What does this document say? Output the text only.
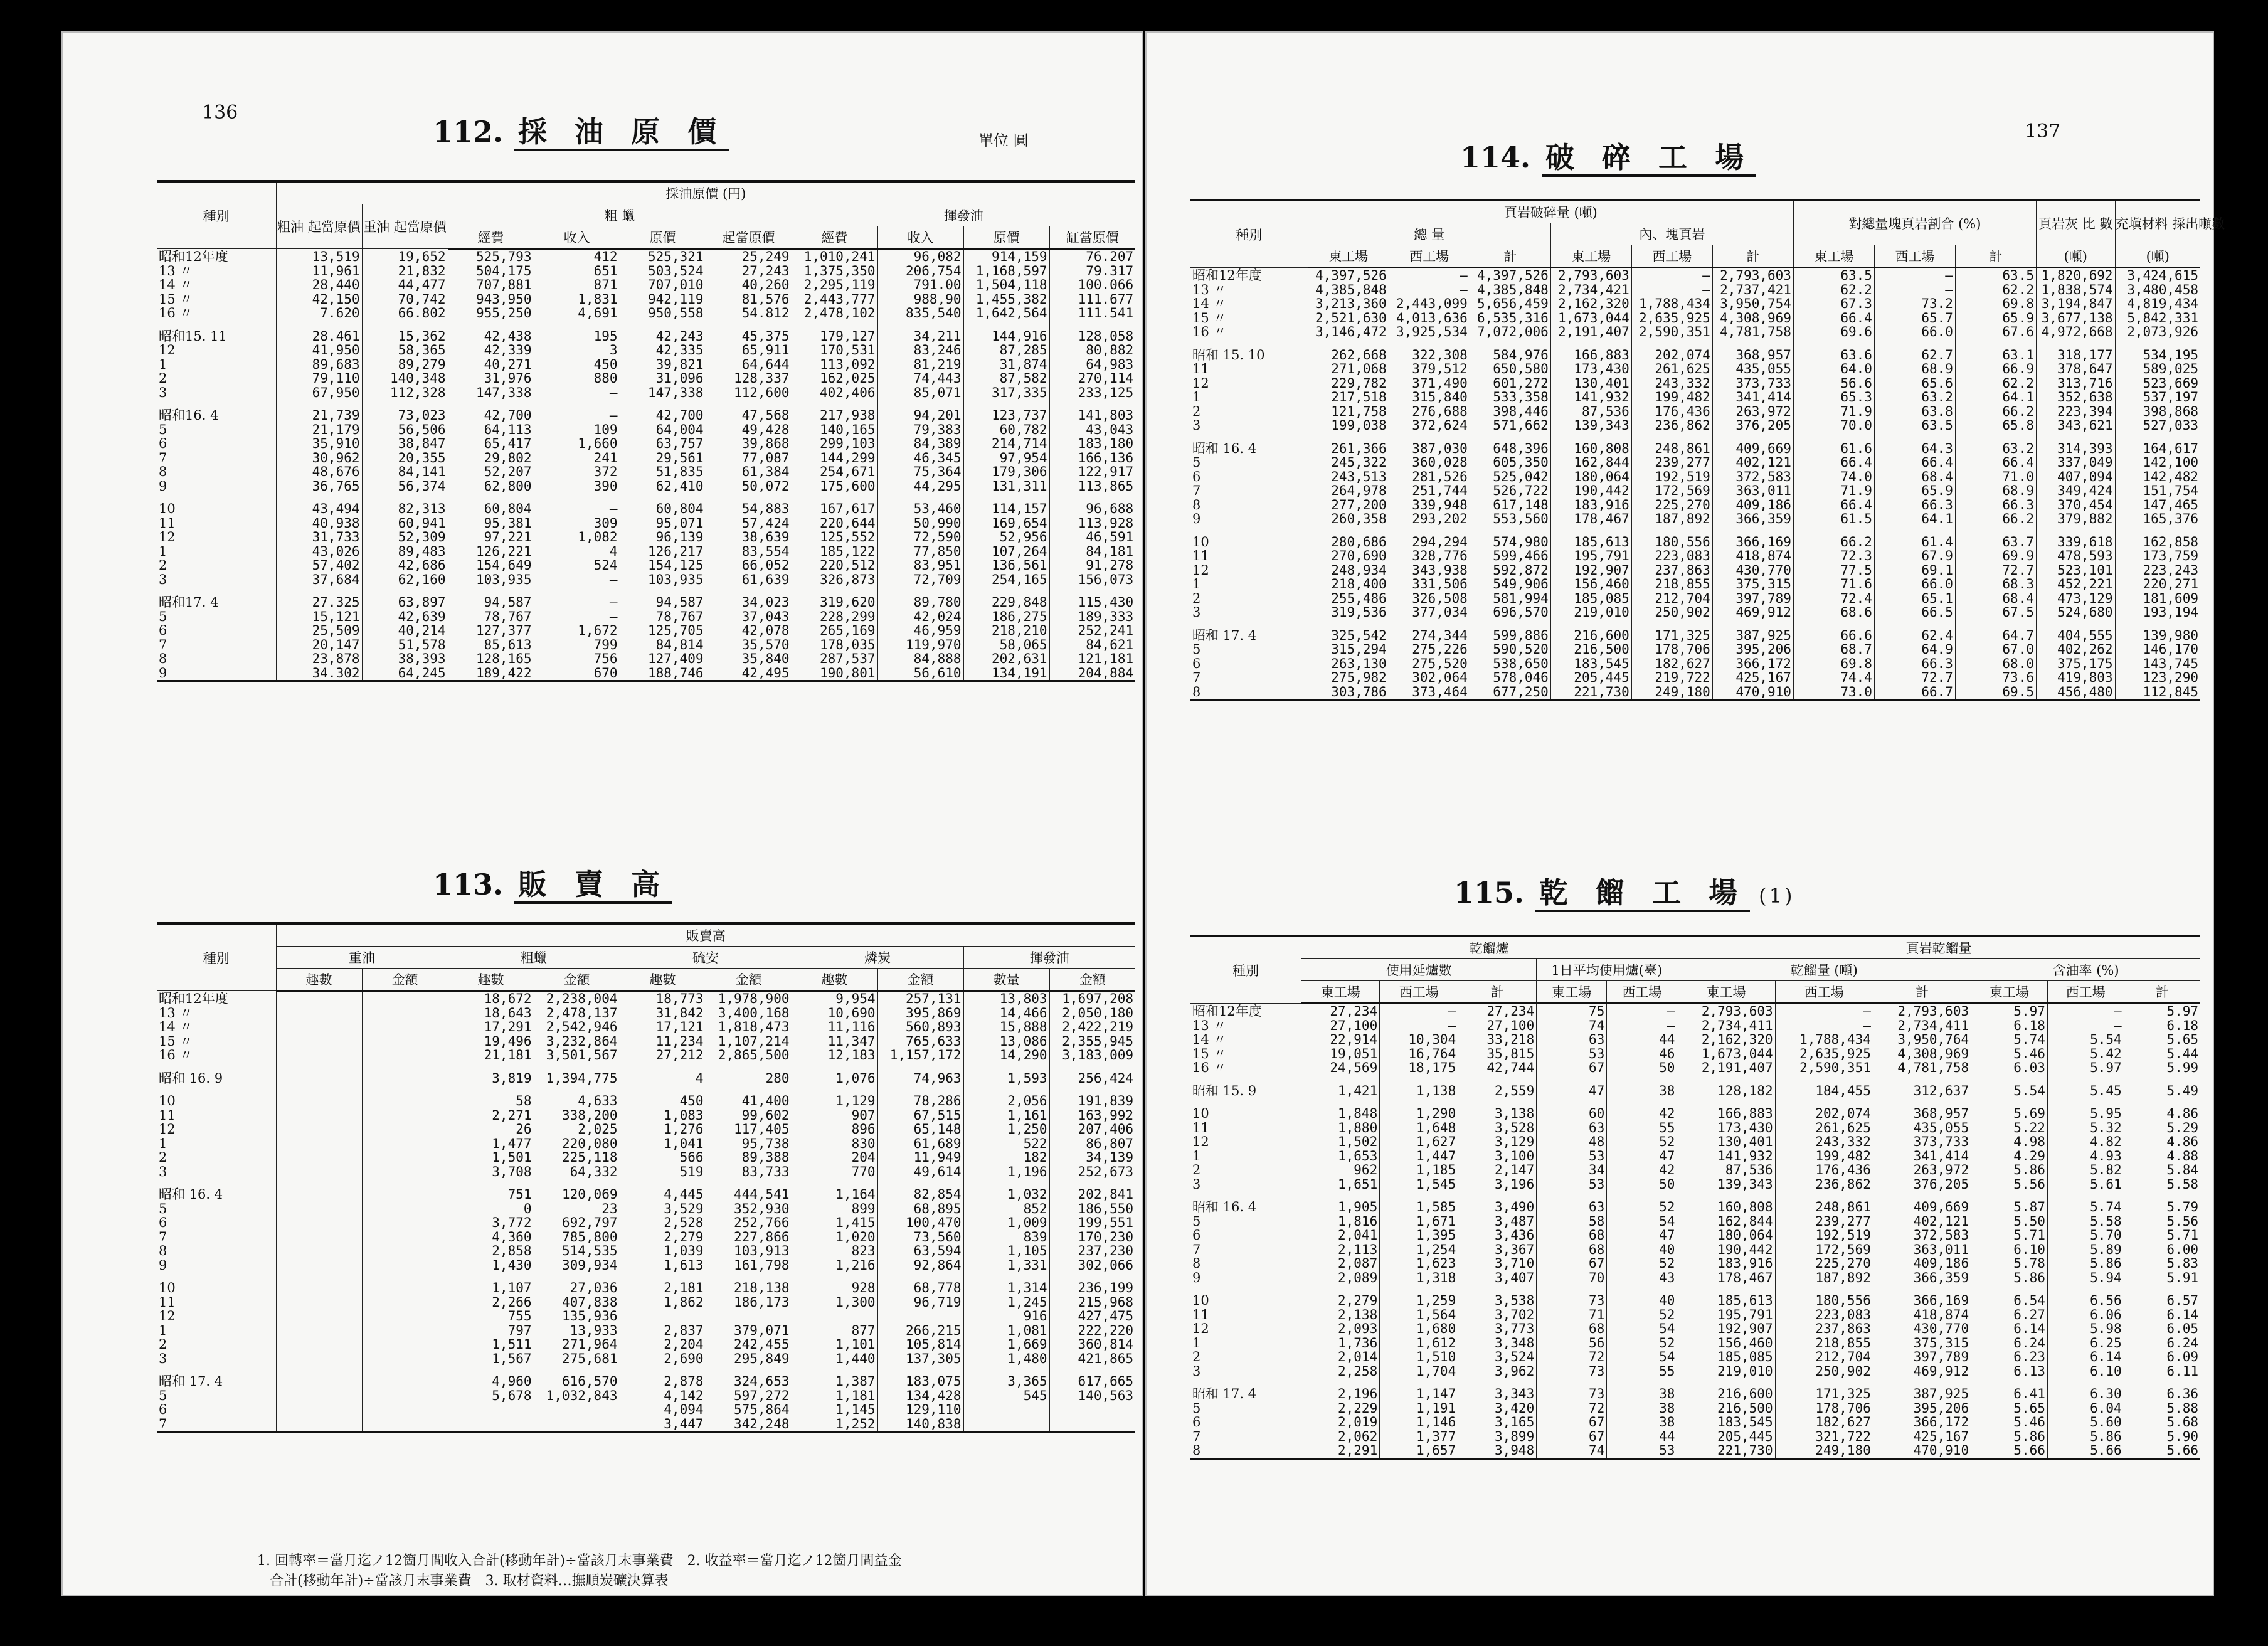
136
112. 採 油 原 價	單位 圓
種別	採油原價 (円)									
	粗油 起當原價	重油 起當原價	粗 蠟				揮發油			
			經費	收入	原價	起當原價	經費	收入	原價	缸當原價
昭和12年度	13,519	19,652	525,793	412	525,321	25,249	1,010,241	96,082	914,159	76.207
13 〃	11,961	21,832	504,175	651	503,524	27,243	1,375,350	206,754	1,168,597	79.317
14 〃	28,440	44,477	707,881	871	707,010	40,260	2,295,119	791.00	1,504,118	100.066
15 〃	42,150	70,742	943,950	1,831	942,119	81,576	2,443,777	988,90	1,455,382	111.677
16 〃	7.620	66.802	955,250	4,691	950,558	54.812	2,478,102	835,540	1,642,564	111.541

昭和15. 11	28.461	15,362	42,438	195	42,243	45,375	179,127	34,211	144,916	128,058
12	41,950	58,365	42,339	3	42,335	65,911	170,531	83,246	87,285	80,882
1	89,683	89,279	40,271	450	39,821	64,644	113,092	81,219	31,874	64,983
2	79,110	140,348	31,976	880	31,096	128,337	162,025	74,443	87,582	270,114
3	67,950	112,328	147,338	—	147,338	112,600	402,406	85,071	317,335	233,125

昭和16. 4	21,739	73,023	42,700	—	42,700	47,568	217,938	94,201	123,737	141,803
5	21,179	56,506	64,113	109	64,004	49,428	140,165	79,383	60,782	43,043
6	35,910	38,847	65,417	1,660	63,757	39,868	299,103	84,389	214,714	183,180
7	30,962	20,355	29,802	241	29,561	77,087	144,299	46,345	97,954	166,136
8	48,676	84,141	52,207	372	51,835	61,384	254,671	75,364	179,306	122,917
9	36,765	56,374	62,800	390	62,410	50,072	175,600	44,295	131,311	113,865

10	43,494	82,313	60,804	—	60,804	54,883	167,617	53,460	114,157	96,688
11	40,938	60,941	95,381	309	95,071	57,424	220,644	50,990	169,654	113,928
12	31,733	52,309	97,221	1,082	96,139	38,639	125,552	72,590	52,956	46,591
1	43,026	89,483	126,221	4	126,217	83,554	185,122	77,850	107,264	84,181
2	57,402	42,686	154,649	524	154,125	66,052	220,512	83,951	136,561	91,278
3	37,684	62,160	103,935	—	103,935	61,639	326,873	72,709	254,165	156,073

昭和17. 4	27.325	63,897	94,587	—	94,587	34,023	319,620	89,780	229,848	115,430
5	15,121	42,639	78,767	—	78,767	37,043	228,299	42,024	186,275	189,333
6	25,509	40,214	127,377	1,672	125,705	42,078	265,169	46,959	218,210	252,241
7	20,147	51,578	85,613	799	84,814	35,570	178,035	119,970	58,065	84,621
8	23,878	38,393	128,165	756	127,409	35,840	287,537	84,888	202,631	121,181
9	34.302	64,245	189,422	670	188,746	42,495	190,801	56,610	134,191	204,884
113. 販 賣 高
種別	販賣高									
	重油		粗蠟		硫安		燐炭		揮發油	
	趣數	金額	趣數	金額	趣數	金額	趣數	金額	數量	金額
昭和12年度			18,672	2,238,004	18,773	1,978,900	9,954	257,131	13,803	1,697,208
13 〃			18,643	2,478,137	31,842	3,400,168	10,690	395,869	14,466	2,050,180
14 〃			17,291	2,542,946	17,121	1,818,473	11,116	560,893	15,888	2,422,219
15 〃			19,496	3,232,864	11,234	1,107,214	11,347	765,633	13,086	2,355,945
16 〃			21,181	3,501,567	27,212	2,865,500	12,183	1,157,172	14,290	3,183,009

昭和 16. 9			3,819	1,394,775	4	280	1,076	74,963	1,593	256,424

10			58	4,633	450	41,400	1,129	78,286	2,056	191,839
11			2,271	338,200	1,083	99,602	907	67,515	1,161	163,992
12			26	2,025	1,276	117,405	896	65,148	1,250	207,406
1			1,477	220,080	1,041	95,738	830	61,689	522	86,807
2			1,501	225,118	566	89,388	204	11,949	182	34,139
3			3,708	64,332	519	83,733	770	49,614	1,196	252,673

昭和 16. 4			751	120,069	4,445	444,541	1,164	82,854	1,032	202,841
5			0	23	3,529	352,930	899	68,895	852	186,550
6			3,772	692,797	2,528	252,766	1,415	100,470	1,009	199,551
7			4,360	785,800	2,279	227,866	1,020	73,560	839	170,230
8			2,858	514,535	1,039	103,913	823	63,594	1,105	237,230
9			1,430	309,934	1,613	161,798	1,216	92,864	1,331	302,066

10			1,107	27,036	2,181	218,138	928	68,778	1,314	236,199
11			2,266	407,838	1,862	186,173	1,300	96,719	1,245	215,968
12			755	135,936					916	427,475
1			797	13,933	2,837	379,071	877	266,215	1,081	222,220
2			1,511	271,964	2,204	242,455	1,101	105,814	1,669	360,814
3			1,567	275,681	2,690	295,849	1,440	137,305	1,480	421,865

昭和 17. 4			4,960	616,570	2,878	324,653	1,387	183,075	3,365	617,665
5			5,678	1,032,843	4,142	597,272	1,181	134,428	545	140,563
6					4,094	575,864	1,145	129,110		
7					3,447	342,248	1,252	140,838		
1. 回轉率＝當月迄ノ12箇月間收入合計(移動年計)÷當該月末事業費　2. 收益率＝當月迄ノ12箇月間益金
合計(移動年計)÷當該月末事業費　3. 取材資料…撫順炭礦決算表
137
114. 破 碎 工 場
種別	頁岩破碎量 (噸)						對總量塊頁岩割合 (%)			頁岩灰 比 數	充塡材料 採出噸數
	總 量			內、塊頁岩							
	東工場	西工場	計	東工場	西工場	計	東工場	西工場	計	(噸)	(噸)
昭和12年度	4,397,526	—	4,397,526	2,793,603	—	2,793,603	63.5	—	63.5	1,820,692	3,424,615
13 〃	4,385,848	—	4,385,848	2,734,421	—	2,737,421	62.2	—	62.2	1,838,574	3,480,458
14 〃	3,213,360	2,443,099	5,656,459	2,162,320	1,788,434	3,950,754	67.3	73.2	69.8	3,194,847	4,819,434
15 〃	2,521,630	4,013,636	6,535,316	1,673,044	2,635,925	4,308,969	66.4	65.7	65.9	3,677,138	5,842,331
16 〃	3,146,472	3,925,534	7,072,006	2,191,407	2,590,351	4,781,758	69.6	66.0	67.6	4,972,668	2,073,926

昭和 15. 10	262,668	322,308	584,976	166,883	202,074	368,957	63.6	62.7	63.1	318,177	534,195
11	271,068	379,512	650,580	173,430	261,625	435,055	64.0	68.9	66.9	378,647	589,025
12	229,782	371,490	601,272	130,401	243,332	373,733	56.6	65.6	62.2	313,716	523,669
1	217,518	315,840	533,358	141,932	199,482	341,414	65.3	63.2	64.1	352,638	537,197
2	121,758	276,688	398,446	87,536	176,436	263,972	71.9	63.8	66.2	223,394	398,868
3	199,038	372,624	571,662	139,343	236,862	376,205	70.0	63.5	65.8	343,621	527,033

昭和 16. 4	261,366	387,030	648,396	160,808	248,861	409,669	61.6	64.3	63.2	314,393	164,617
5	245,322	360,028	605,350	162,844	239,277	402,121	66.4	66.4	66.4	337,049	142,100
6	243,513	281,526	525,042	180,064	192,519	372,583	74.0	68.4	71.0	407,094	142,482
7	264,978	251,744	526,722	190,442	172,569	363,011	71.9	65.9	68.9	349,424	151,754
8	277,200	339,948	617,148	183,916	225,270	409,186	66.4	66.3	66.3	370,454	147,465
9	260,358	293,202	553,560	178,467	187,892	366,359	61.5	64.1	66.2	379,882	165,376

10	280,686	294,294	574,980	185,613	180,556	366,169	66.2	61.4	63.7	339,618	162,858
11	270,690	328,776	599,466	195,791	223,083	418,874	72.3	67.9	69.9	478,593	173,759
12	248,934	343,938	592,872	192,907	237,863	430,770	77.5	69.1	72.7	523,101	223,243
1	218,400	331,506	549,906	156,460	218,855	375,315	71.6	66.0	68.3	452,221	220,271
2	255,486	326,508	581,994	185,085	212,704	397,789	72.4	65.1	68.4	473,129	181,609
3	319,536	377,034	696,570	219,010	250,902	469,912	68.6	66.5	67.5	524,680	193,194

昭和 17. 4	325,542	274,344	599,886	216,600	171,325	387,925	66.6	62.4	64.7	404,555	139,980
5	315,294	275,226	590,520	216,500	178,706	395,206	68.7	64.9	67.0	402,262	146,170
6	263,130	275,520	538,650	183,545	182,627	366,172	69.8	66.3	68.0	375,175	143,745
7	275,982	302,064	578,046	205,445	219,722	425,167	74.4	72.7	73.6	419,803	123,290
8	303,786	373,464	677,250	221,730	249,180	470,910	73.0	66.7	69.5	456,480	112,845
115. 乾 餾 工 場 (1)
種別	乾餾爐					頁岩乾餾量					
	使用延爐數			1日平均使用爐(臺)		乾餾量 (噸)			含油率 (%)		
	東工場	西工場	計	東工場	西工場	東工場	西工場	計	東工場	西工場	計
昭和12年度	27,234	—	27,234	75	—	2,793,603	—	2,793,603	5.97	—	5.97
13 〃	27,100	—	27,100	74	—	2,734,411	—	2,734,411	6.18	—	6.18
14 〃	22,914	10,304	33,218	63	44	2,162,320	1,788,434	3,950,764	5.74	5.54	5.65
15 〃	19,051	16,764	35,815	53	46	1,673,044	2,635,925	4,308,969	5.46	5.42	5.44
16 〃	24,569	18,175	42,744	67	50	2,191,407	2,590,351	4,781,758	6.03	5.97	5.99

昭和 15. 9	1,421	1,138	2,559	47	38	128,182	184,455	312,637	5.54	5.45	5.49

10	1,848	1,290	3,138	60	42	166,883	202,074	368,957	5.69	5.95	4.86
11	1,880	1,648	3,528	63	55	173,430	261,625	435,055	5.22	5.32	5.29
12	1,502	1,627	3,129	48	52	130,401	243,332	373,733	4.98	4.82	4.86
1	1,653	1,447	3,100	53	47	141,932	199,482	341,414	4.29	4.93	4.88
2	962	1,185	2,147	34	42	87,536	176,436	263,972	5.86	5.82	5.84
3	1,651	1,545	3,196	53	50	139,343	236,862	376,205	5.56	5.61	5.58

昭和 16. 4	1,905	1,585	3,490	63	52	160,808	248,861	409,669	5.87	5.74	5.79
5	1,816	1,671	3,487	58	54	162,844	239,277	402,121	5.50	5.58	5.56
6	2,041	1,395	3,436	68	47	180,064	192,519	372,583	5.71	5.70	5.71
7	2,113	1,254	3,367	68	40	190,442	172,569	363,011	6.10	5.89	6.00
8	2,087	1,623	3,710	67	52	183,916	225,270	409,186	5.78	5.86	5.83
9	2,089	1,318	3,407	70	43	178,467	187,892	366,359	5.86	5.94	5.91

10	2,279	1,259	3,538	73	40	185,613	180,556	366,169	6.54	6.56	6.57
11	2,138	1,564	3,702	71	52	195,791	223,083	418,874	6.27	6.06	6.14
12	2,093	1,680	3,773	68	54	192,907	237,863	430,770	6.14	5.98	6.05
1	1,736	1,612	3,348	56	52	156,460	218,855	375,315	6.24	6.25	6.24
2	2,014	1,510	3,524	72	54	185,085	212,704	397,789	6.23	6.14	6.09
3	2,258	1,704	3,962	73	55	219,010	250,902	469,912	6.13	6.10	6.11

昭和 17. 4	2,196	1,147	3,343	73	38	216,600	171,325	387,925	6.41	6.30	6.36
5	2,229	1,191	3,420	72	38	216,500	178,706	395,206	5.65	6.04	5.88
6	2,019	1,146	3,165	67	38	183,545	182,627	366,172	5.46	5.60	5.68
7	2,062	1,377	3,899	67	44	205,445	321,722	425,167	5.86	5.86	5.90
8	2,291	1,657	3,948	74	53	221,730	249,180	470,910	5.66	5.66	5.66
